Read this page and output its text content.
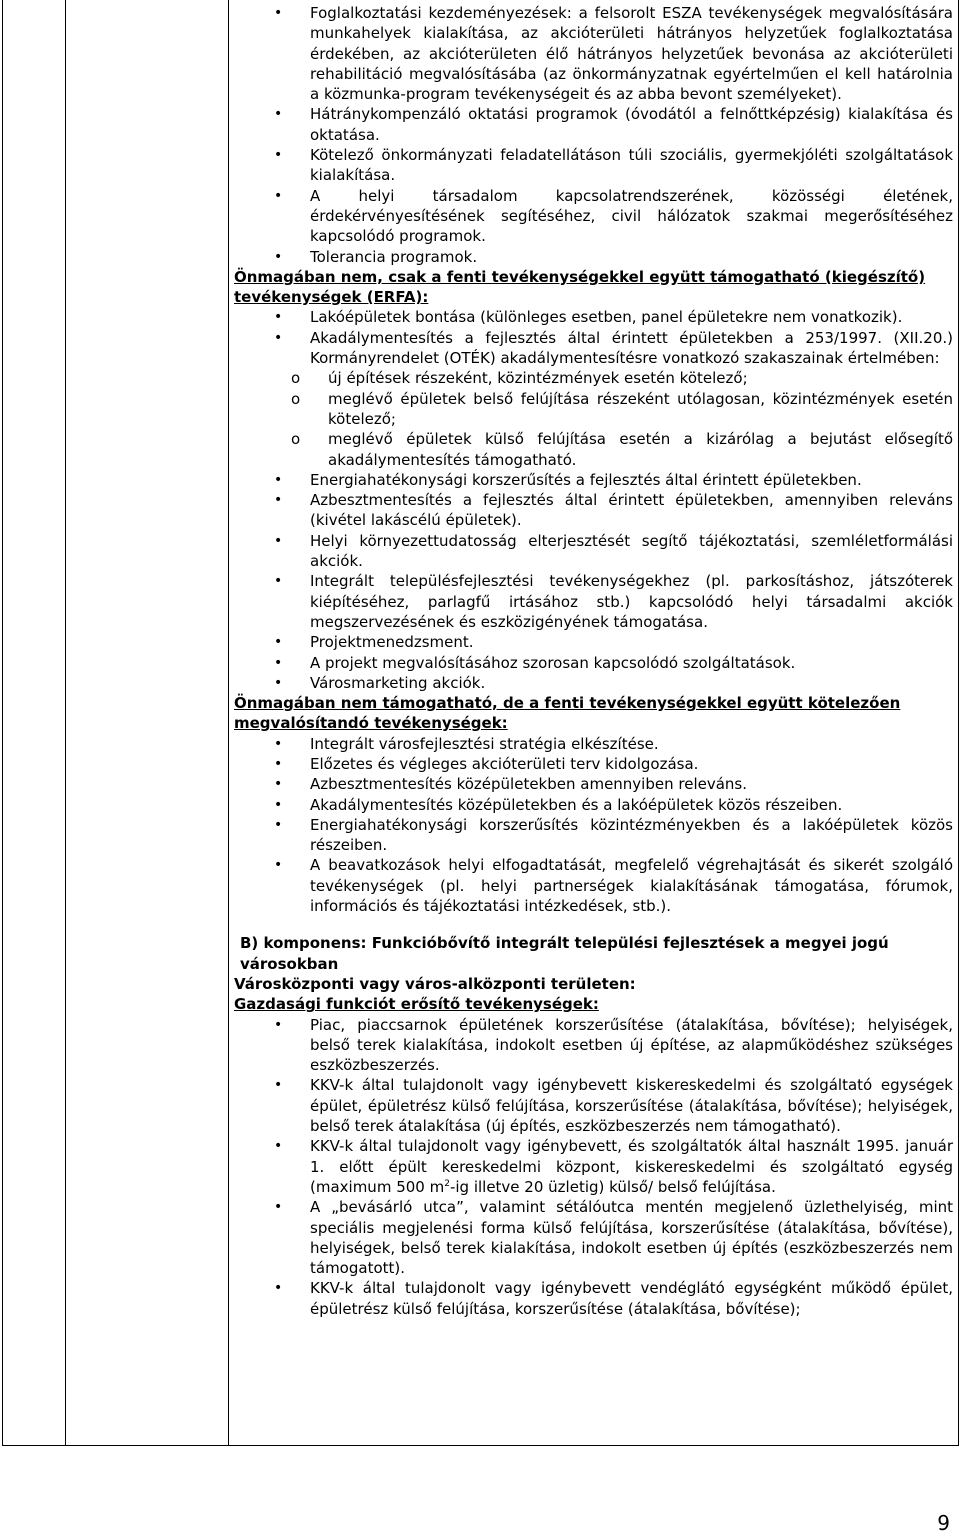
• Foglalkoztatási kezdeményezések: a felsorolt ESZA tevékenységek megvalósítására munkahelyek kialakítása, az akcióterületi hátrányos helyzetűek foglalkoztatása érdekében, az akcióterületen élő hátrányos helyzetűek bevonása az akcióterületi rehabilitáció megvalósításába (az önkormányzatnak egyértelműen el kell határolnia a közmunka-program tevékenységeit és az abba bevont személyeket).
• Hátránykompenzáló oktatási programok (óvodától a felnőttképzésig) kialakítása és oktatása.
• Kötelező önkormányzati feladatellátáson túli szociális, gyermekjóléti szolgáltatások kialakítása.
• A helyi társadalom kapcsolatrendszerének, közösségi életének, érdekérvényesítésének segítéséhez, civil hálózatok szakmai megerősítéséhez kapcsolódó programok.
• Tolerancia programok.
Önmagában nem, csak a fenti tevékenységekkel együtt támogatható (kiegészítő) tevékenységek (ERFA):
• Lakóépületek bontása (különleges esetben, panel épületekre nem vonatkozik).
• Akadálymentesítés a fejlesztés által érintett épületekben a 253/1997. (XII.20.) Kormányrendelet (OTÉK) akadálymentesítésre vonatkozó szakaszainak értelmében:
o új építések részeként, közintézmények esetén kötelező;
o meglévő épületek belső felújítása részeként utólagosan, közintézmények esetén kötelező;
o meglévő épületek külső felújítása esetén a kizárólag a bejutást elősegítő akadálymentesítés támogatható.
• Energiahatékonysági korszerűsítés a fejlesztés által érintett épületekben.
• Azbesztmentesítés a fejlesztés által érintett épületekben, amennyiben releváns (kivétel lakáscélú épületek).
• Helyi környezettudatosság elterjesztését segítő tájékoztatási, szemléletformálási akciók.
• Integrált településfejlesztési tevékenységekhez (pl. parkosításhoz, játszóterek kiépítéséhez, parlagfű irtásához stb.) kapcsolódó helyi társadalmi akciók megszervezésének és eszközigényének támogatása.
• Projektmenedzsment.
• A projekt megvalósításához szorosan kapcsolódó szolgáltatások.
• Városmarketing akciók.
Önmagában nem támogatható, de a fenti tevékenységekkel együtt kötelezően megvalósítandó tevékenységek:
• Integrált városfejlesztési stratégia elkészítése.
• Előzetes és végleges akcióterületi terv kidolgozása.
• Azbesztmentesítés középületekben amennyiben releváns.
• Akadálymentesítés középületekben és a lakóépületek közös részeiben.
• Energiahatékonysági korszerűsítés közintézményekben és a lakóépületek közös részeiben.
• A beavatkozások helyi elfogadtatását, megfelelő végrehajtását és sikerét szolgáló tevékenységek (pl. helyi partnerségek kialakításának támogatása, fórumok, információs és tájékoztatási intézkedések, stb.).
B) komponens: Funkcióbővítő integrált települési fejlesztések a megyei jogú városokban
Városközponti vagy város-alközponti területen:
Gazdasági funkciót erősítő tevékenységek:
• Piac, piaccsarnok épületének korszerűsítése (átalakítása, bővítése); helyiségek, belső terek kialakítása, indokolt esetben új építése, az alapműködéshez szükséges eszközbeszerzés.
• KKV-k által tulajdonolt vagy igénybevett kiskereskedelmi és szolgáltató egységek épület, épületrész külső felújítása, korszerűsítése (átalakítása, bővítése); helyiségek, belső terek átalakítása (új építés, eszközbeszerzés nem támogatható).
• KKV-k által tulajdonolt vagy igénybevett, és szolgáltatók által használt 1995. január 1. előtt épült kereskedelmi központ, kiskereskedelmi és szolgáltató egység (maximum 500 $m^2-ig$ illetve 20 üzletig) külső/ belső felújítása.
• A „bevásárló utca”, valamint sétálóutca mentén megjelenő üzlethelyiség, mint speciális megjelenési forma külső felújítása, korszerűsítése (átalakítása, bővítése), helyiségek, belső terek kialakítása, indokolt esetben új építés (eszközbeszerzés nem támogatott).
• KKV-k által tulajdonolt vagy igénybevett vendéglátó egységként működő épület, épületrész külső felújítása, korszerűsítése (átalakítása, bővítése);
9
